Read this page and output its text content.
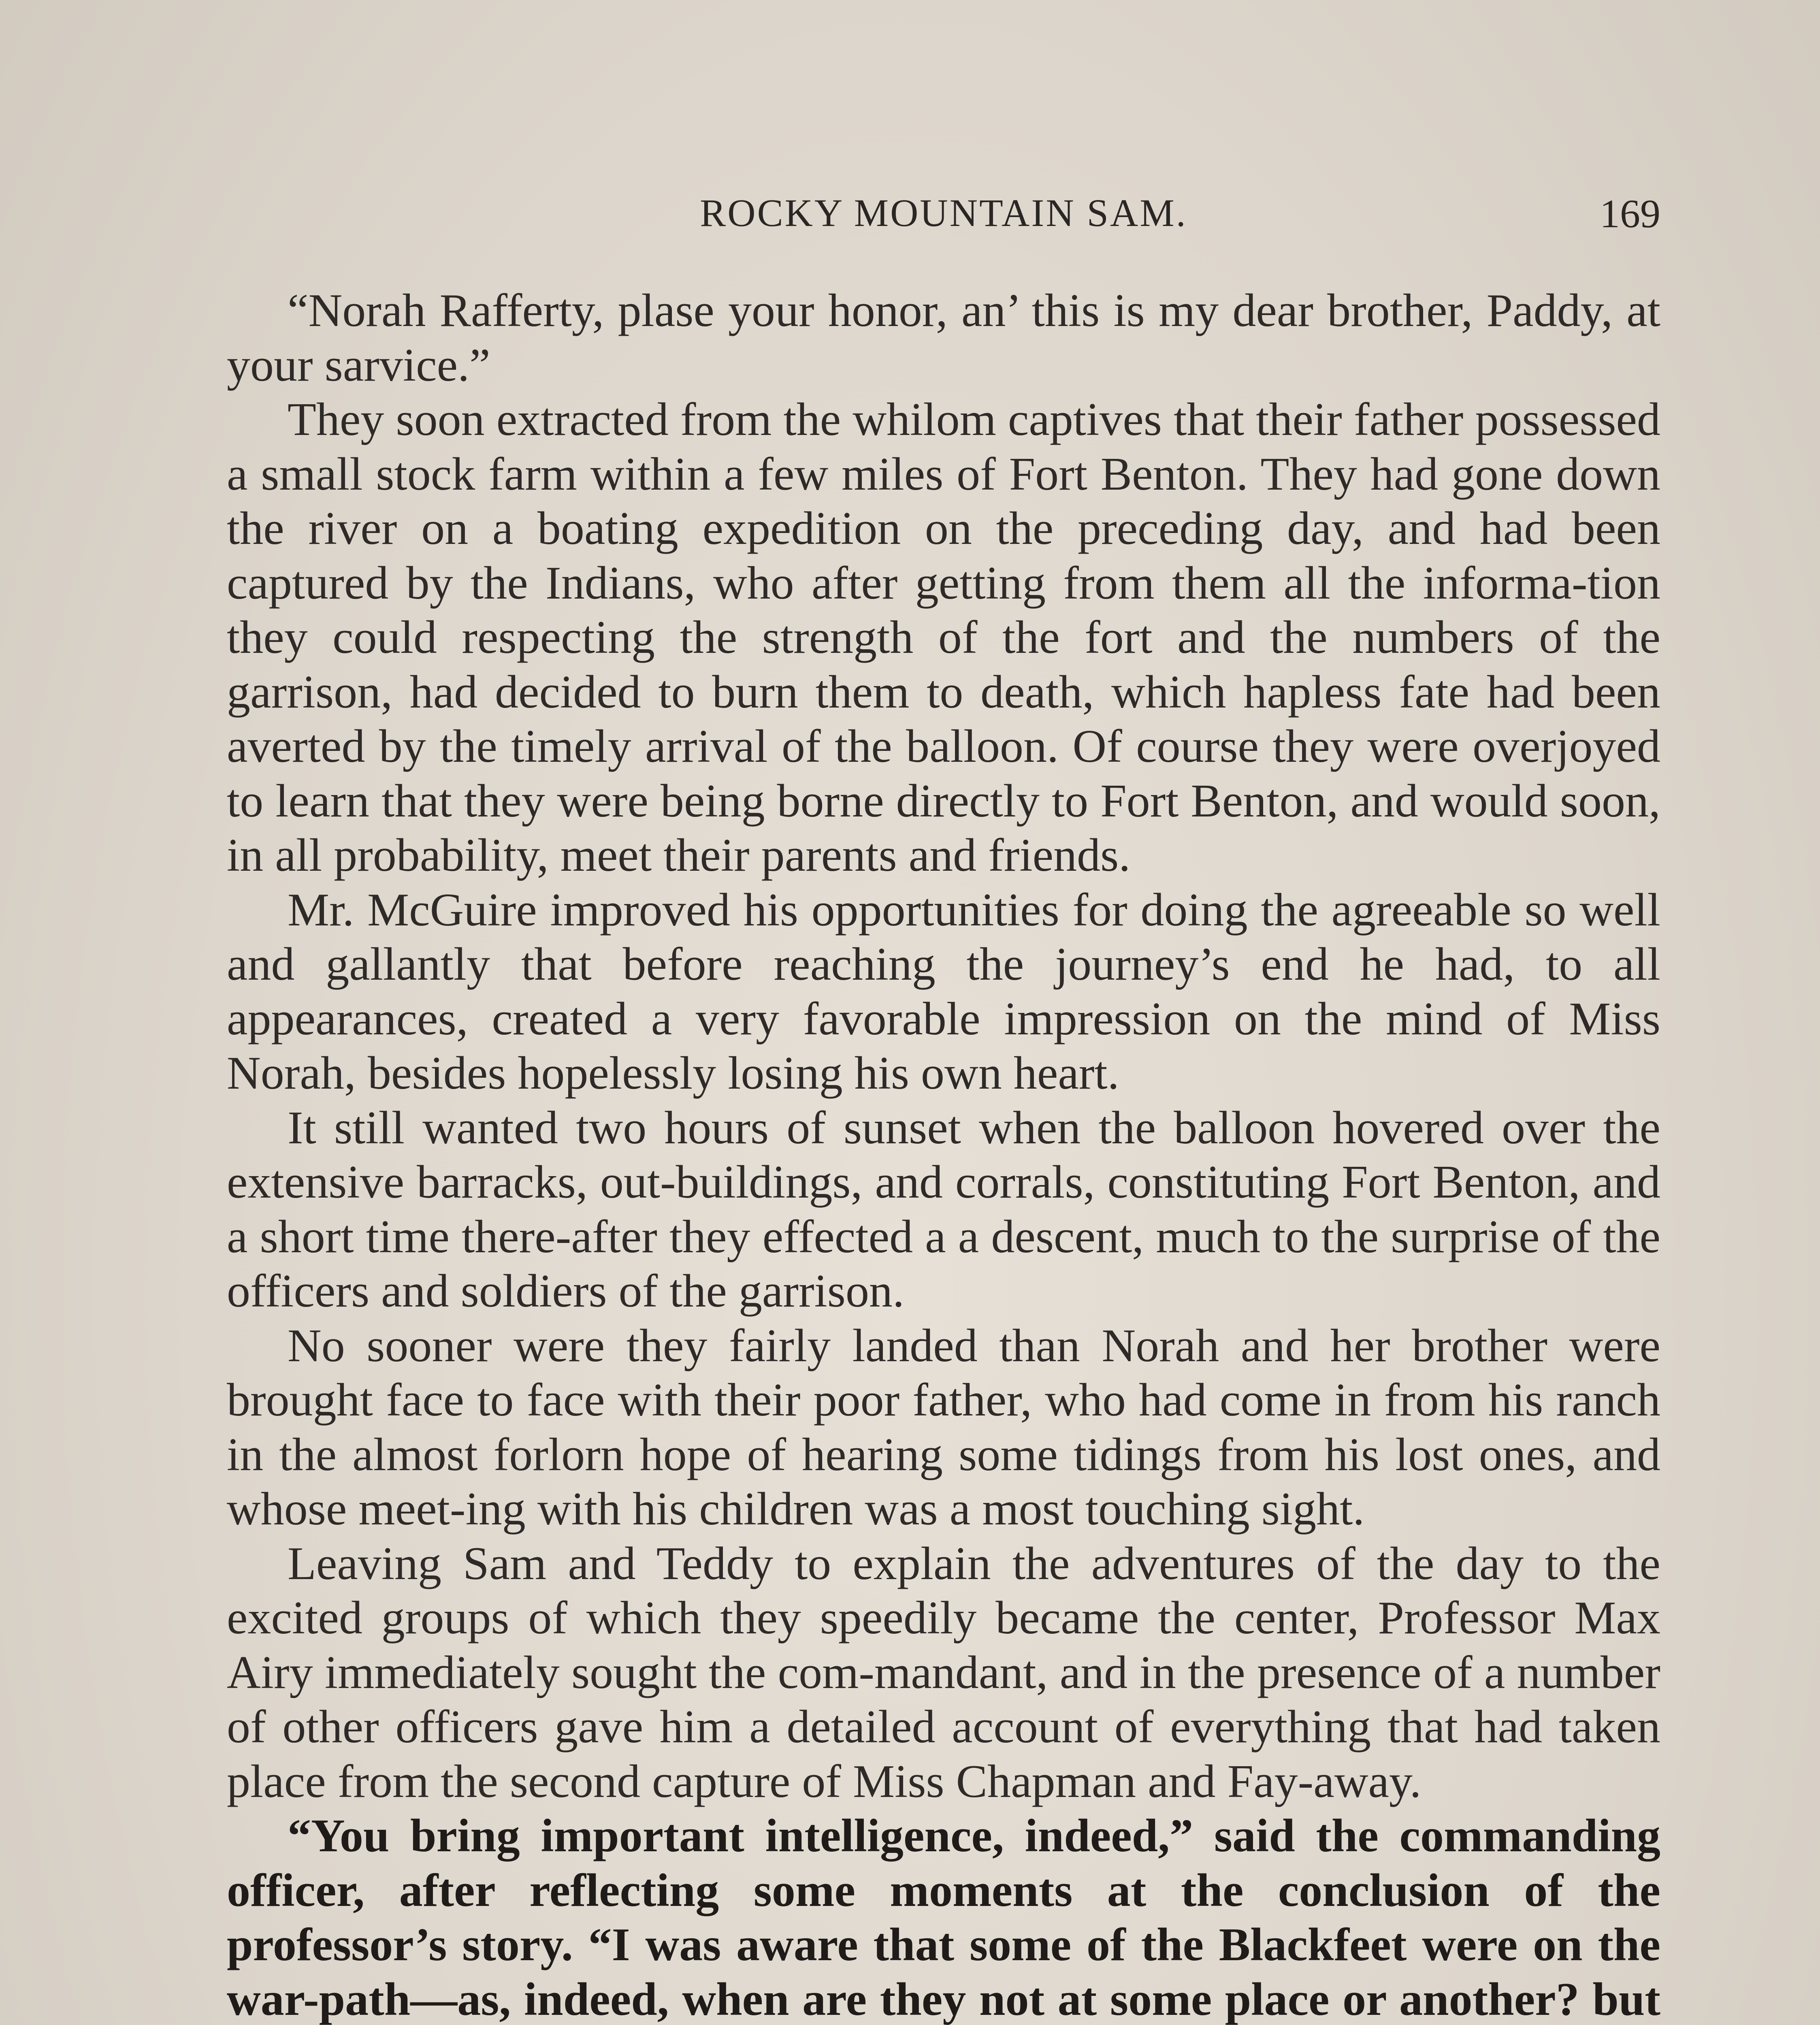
ROCKY MOUNTAIN SAM.	169

“Norah Rafferty, plase your honor, an’ this is my dear brother, Paddy, at your sarvice.”

They soon extracted from the whilom captives that their father possessed a small stock farm within a few miles of Fort Benton. They had gone down the river on a boating expedition on the preceding day, and had been captured by the Indians, who after getting from them all the informa-tion they could respecting the strength of the fort and the numbers of the garrison, had decided to burn them to death, which hapless fate had been averted by the timely arrival of the balloon. Of course they were overjoyed to learn that they were being borne directly to Fort Benton, and would soon, in all probability, meet their parents and friends.

Mr. McGuire improved his opportunities for doing the agreeable so well and gallantly that before reaching the journey’s end he had, to all appearances, created a very favorable impression on the mind of Miss Norah, besides hopelessly losing his own heart.

It still wanted two hours of sunset when the balloon hovered over the extensive barracks, out-buildings, and corrals, constituting Fort Benton, and a short time there-after they effected a a descent, much to the surprise of the officers and soldiers of the garrison.

No sooner were they fairly landed than Norah and her brother were brought face to face with their poor father, who had come in from his ranch in the almost forlorn hope of hearing some tidings from his lost ones, and whose meet-ing with his children was a most touching sight.

Leaving Sam and Teddy to explain the adventures of the day to the excited groups of which they speedily became the center, Professor Max Airy immediately sought the com-mandant, and in the presence of a number of other officers gave him a detailed account of everything that had taken place from the second capture of Miss Chapman and Fay-away.

“You bring important intelligence, indeed,” said the commanding officer, after reflecting some moments at the conclusion of the professor’s story. “I was aware that some of the Blackfeet were on the war-path—as, indeed, when are they not at some place or another? but
